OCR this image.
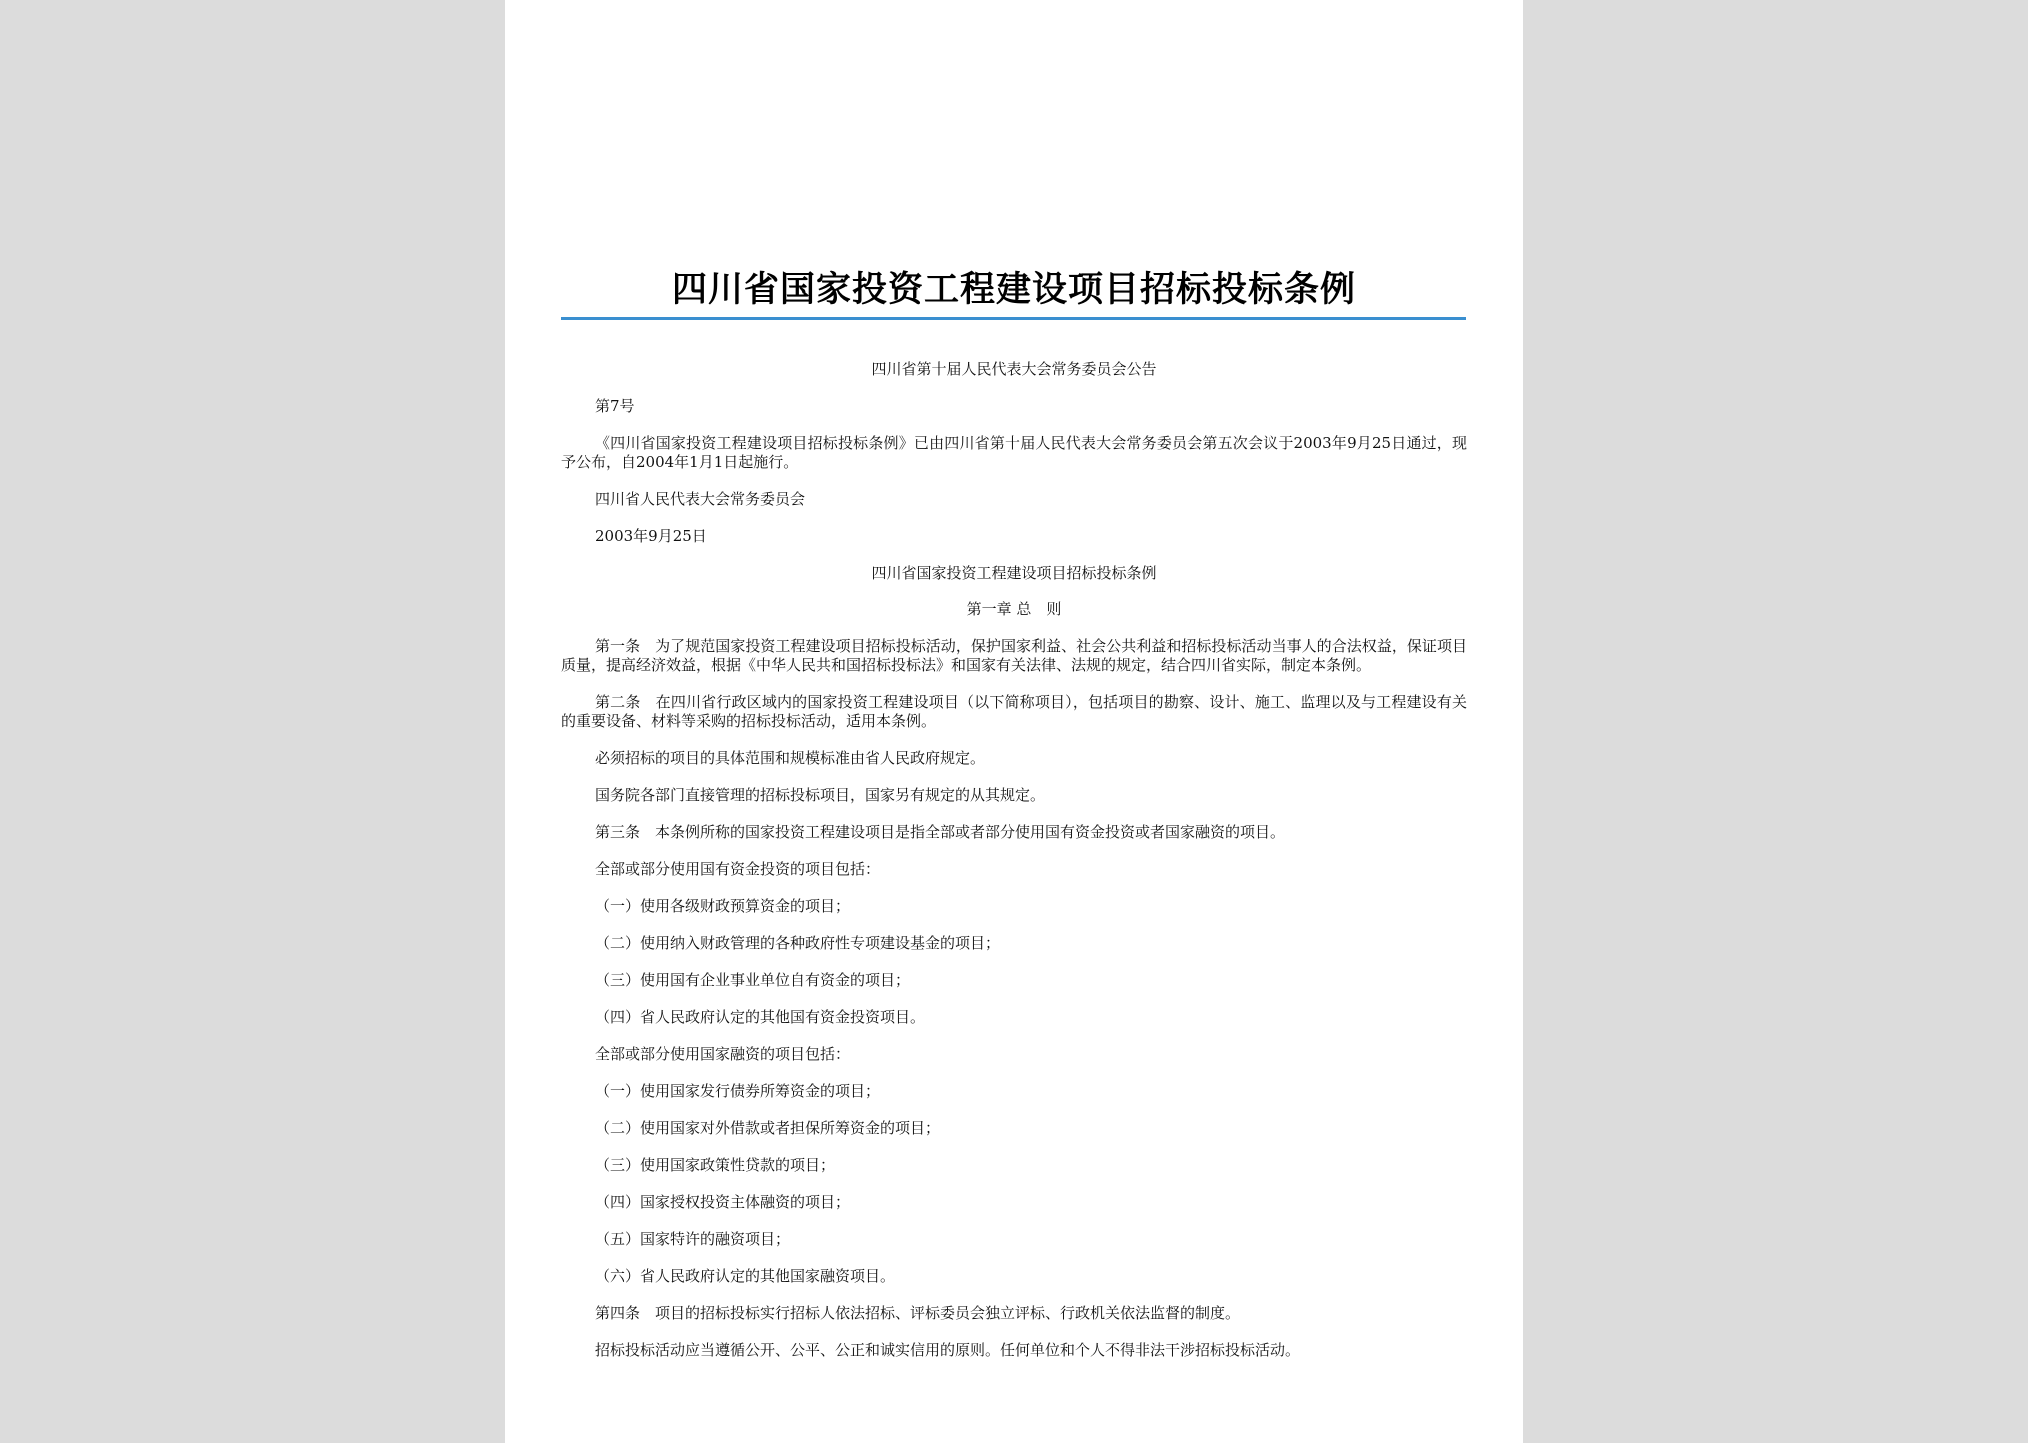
四川省国家投资工程建设项目招标投标条例

四川省第十届人民代表大会常务委员会公告

第7号

《四川省国家投资工程建设项目招标投标条例》已由四川省第十届人民代表大会常务委员会第五次会议于2003年9月25日通过，现予公布，自2004年1月1日起施行。

四川省人民代表大会常务委员会

2003年9月25日

四川省国家投资工程建设项目招标投标条例

第一章 总　则

第一条　为了规范国家投资工程建设项目招标投标活动，保护国家利益、社会公共利益和招标投标活动当事人的合法权益，保证项目质量，提高经济效益，根据《中华人民共和国招标投标法》和国家有关法律、法规的规定，结合四川省实际，制定本条例。

第二条　在四川省行政区域内的国家投资工程建设项目（以下简称项目），包括项目的勘察、设计、施工、监理以及与工程建设有关的重要设备、材料等采购的招标投标活动，适用本条例。

必须招标的项目的具体范围和规模标准由省人民政府规定。

国务院各部门直接管理的招标投标项目，国家另有规定的从其规定。

第三条　本条例所称的国家投资工程建设项目是指全部或者部分使用国有资金投资或者国家融资的项目。

全部或部分使用国有资金投资的项目包括：

（一）使用各级财政预算资金的项目；

（二）使用纳入财政管理的各种政府性专项建设基金的项目；

（三）使用国有企业事业单位自有资金的项目；

（四）省人民政府认定的其他国有资金投资项目。

全部或部分使用国家融资的项目包括：

（一）使用国家发行债券所筹资金的项目；

（二）使用国家对外借款或者担保所筹资金的项目；

（三）使用国家政策性贷款的项目；

（四）国家授权投资主体融资的项目；

（五）国家特许的融资项目；

（六）省人民政府认定的其他国家融资项目。

第四条　项目的招标投标实行招标人依法招标、评标委员会独立评标、行政机关依法监督的制度。

招标投标活动应当遵循公开、公平、公正和诚实信用的原则。任何单位和个人不得非法干涉招标投标活动。
